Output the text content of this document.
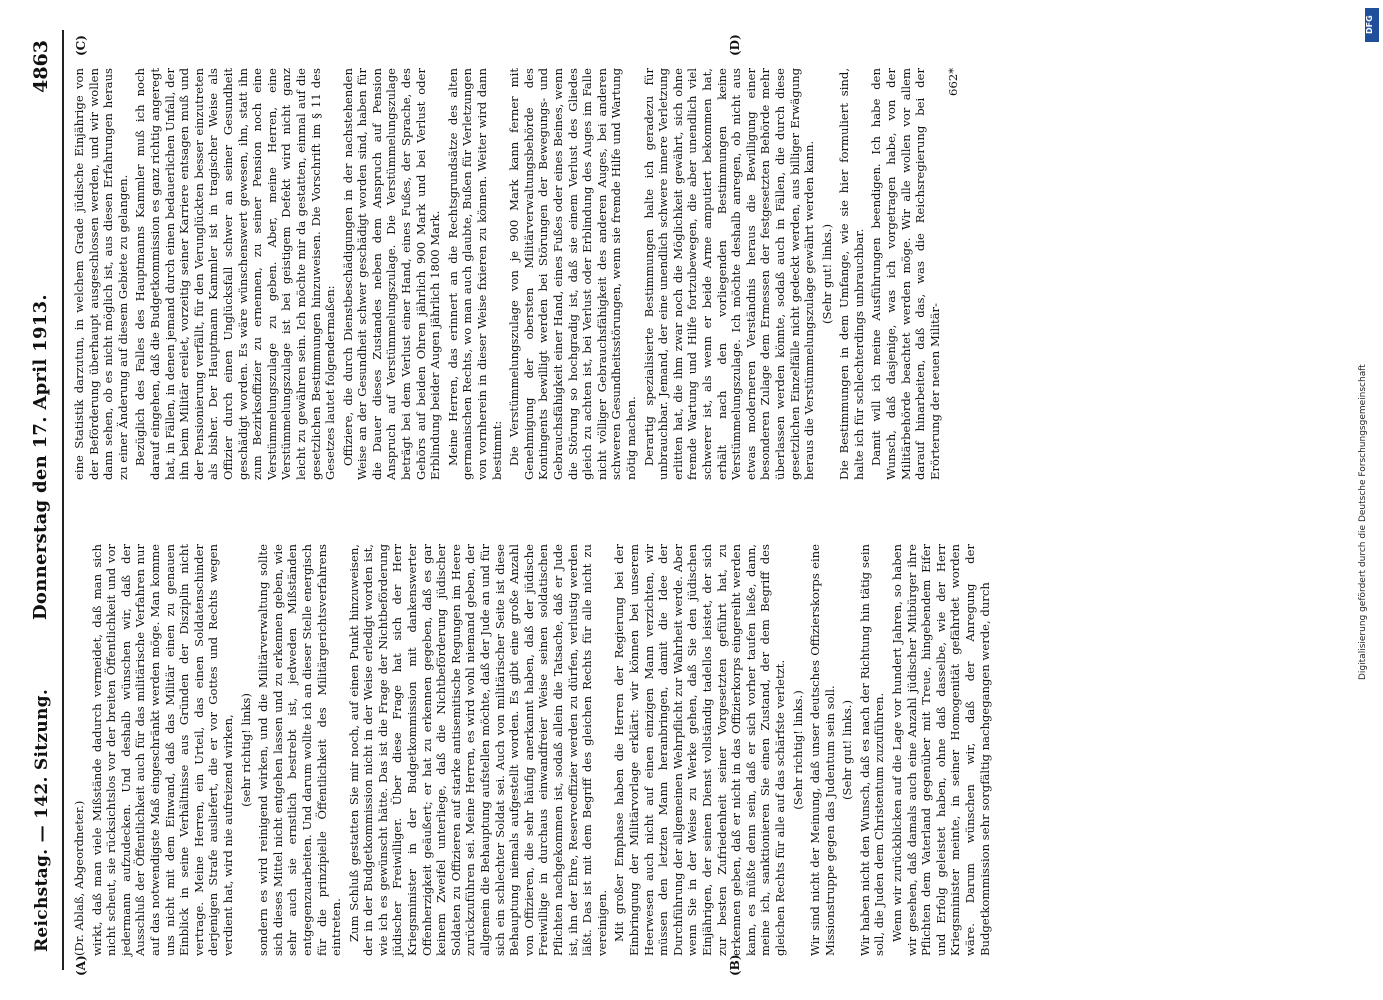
Reichstag. — 142. Sitzung.
Donnerstag den 17. April 1913.
4863
(A)	(B)
(C)	(D)

(Dr. Ablaß, Abgeordneter.) wirkt, daß man viele Mißstände dadurch vermeidet, daß man sich nicht scheut, sie rücksichtslos vor der breiten Öffentlichkeit und vor jedermann aufzudecken. Und deshalb wünschen wir, daß der Ausschluß der Öffentlichkeit auch für das militärische Verfahren nur auf das notwendigste Maß eingeschränkt werden möge. Man komme uns nicht mit dem Einwand, daß das Militär einen zu genauen Einblick in seine Verhältnisse aus Gründen der Disziplin nicht vertrage. Meine Herren, ein Urteil, das einen Soldatenschinder derjenigen Strafe ausliefert, die er vor Gottes und Rechts wegen verdient hat, wird nie aufreizend wirken, (sehr richtig! links) sondern es wird reinigend wirken, und die Militärverwaltung sollte sich dieses Mittel nicht entgehen lassen und zu erkennen geben, wie sehr auch sie ernstlich bestrebt ist, jedweden Mißständen entgegenzuarbeiten. Und darum wollte ich an dieser Stelle energisch für die prinzipielle Öffentlichkeit des Militärgerichtsverfahrens eintreten. Zum Schluß gestatten Sie mir noch, auf einen Punkt hinzuweisen, der in der Budgetkommission nicht in der Weise erledigt worden ist, wie ich es gewünscht hätte. Das ist die Frage der Nichtbeförderung jüdischer Freiwilliger. Über diese Frage hat sich der Herr Kriegsminister in der Budgetkommission mit dankenswerter Offenherzigkeit geäußert; er hat zu erkennen gegeben, daß es gar keinem Zweifel unterliege, daß die Nichtbeförderung jüdischer Soldaten zu Offizieren auf starke antisemitische Regungen im Heere zurückzuführen sei. Meine Herren, es wird wohl niemand geben, der allgemein die Behauptung aufstellen möchte, daß der Jude an und für sich ein schlechter Soldat sei. Auch von militärischer Seite ist diese Behauptung niemals aufgestellt worden. Es gibt eine große Anzahl von Offizieren, die sehr häufig anerkannt haben, daß der jüdische Freiwillige in durchaus einwandfreier Weise seinen soldatischen Pflichten nachgekommen ist, sodaß allein die Tatsache, daß er Jude ist, ihn der Ehre, Reserveoffizier werden zu dürfen, verlustig werden läßt. Das ist mit dem Begriff des gleichen Rechts für alle nicht zu vereinigen. Mit großer Emphase haben die Herren der Regierung bei der Einbringung der Militärvorlage erklärt: wir können bei unserem Heerwesen auch nicht auf einen einzigen Mann verzichten, wir müssen den letzten Mann heranbringen, damit die Idee der Durchführung der allgemeinen Wehrpflicht zur Wahrheit werde. Aber wenn Sie in der Weise zu Werke gehen, daß Sie den jüdischen Einjährigen, der seinen Dienst vollständig tadellos leistet, der sich zur besten Zufriedenheit seiner Vorgesetzten geführt hat, zu erkennen geben, daß er nicht in das Offizierkorps eingereiht werden kann, es müßte denn sein, daß er sich vorher taufen ließe, dann, meine ich, sanktionieren Sie einen Zustand, der dem Begriff des gleichen Rechts für alle auf das schärfste verletzt. (Sehr richtig! links.) Wir sind nicht der Meinung, daß unser deutsches Offizierskorps eine Missionstruppe gegen das Judentum sein soll. (Sehr gut! links.) Wir haben nicht den Wunsch, daß es nach der Richtung hin tätig sein soll, die Juden dem Christentum zuzuführen. Wenn wir zurückblicken auf die Lage vor hundert Jahren, so haben wir gesehen, daß damals auch eine Anzahl jüdischer Mitbürger ihre Pflichten dem Vaterland gegenüber mit Treue, hingebendem Eifer und Erfolg geleistet haben, ohne daß dasselbe, wie der Herr Kriegsminister meinte, in seiner Homogenität gefährdet worden wäre. Darum wünschen wir, daß der Anregung der Budgetkommission sehr sorgfältig nachgegangen werde, durch

eine Statistik darzutun, in welchem Grade jüdische Einjährige von der Beförderung überhaupt ausgeschlossen werden, und wir wollen dann sehen, ob es nicht möglich ist, aus diesen Erfahrungen heraus zu einer Änderung auf diesem Gebiete zu gelangen. Bezüglich des Falles des Hauptmanns Kammler muß ich noch darauf eingehen, daß die Budgetkommission es ganz richtig angeregt hat, in Fällen, in denen jemand durch einen bedauerlichen Unfall, der ihn beim Militär ereilet, vorzeitig seiner Karriere entsagen muß und der Pensionierung verfällt, für den Verunglückten besser einzutreten als bisher. Der Hauptmann Kammler ist in tragischer Weise als Offizier durch einen Unglücksfall schwer an seiner Gesundheit geschädigt worden. Es wäre wünschenswert gewesen, ihn, statt ihn zum Bezirksoffizier zu ernennen, zu seiner Pension noch eine Verstümmelungszulage zu geben. Aber, meine Herren, eine Verstümmelungszulage ist bei geistigem Defekt wird nicht ganz leicht zu gewähren sein. Ich möchte mir da gestatten, einmal auf die gesetzlichen Bestimmungen hinzuweisen. Die Vorschrift im § 11 des Gesetzes lautet folgendermaßen: Offiziere, die durch Dienstbeschädigungen in der nachstehenden Weise an der Gesundheit schwer geschädigt worden sind, haben für die Dauer dieses Zustandes neben dem Anspruch auf Pension Anspruch auf Verstümmelungszulage. Die Verstümmelungszulage beträgt bei dem Verlust einer Hand, eines Fußes, der Sprache, des Gehörs auf beiden Ohren jährlich 900 Mark und bei Verlust oder Erblindung beider Augen jährlich 1800 Mark. Meine Herren, das erinnert an die Rechtsgrundsätze des alten germanischen Rechts, wo man auch glaubte, Bußen für Verletzungen von vornherein in dieser Weise fixieren zu können. Weiter wird dann bestimmt: Die Verstümmelungszulage von je 900 Mark kann ferner mit Genehmigung der obersten Militärverwaltungsbehörde des Kontingents bewilligt werden bei Störungen der Bewegungs- und Gebrauchsfähigkeit einer Hand, eines Fußes oder eines Beines, wenn die Störung so hochgradig ist, daß sie einem Verlust des Gliedes gleich zu achten ist, bei Verlust oder Erblindung des Auges im Falle nicht völliger Gebrauchsfähigkeit des anderen Auges, bei anderen schweren Gesundheitsstörungen, wenn sie fremde Hilfe und Wartung nötig machen. Derartig spezialisierte Bestimmungen halte ich geradezu für unbrauchbar. Jemand, der eine unendlich schwere innere Verletzung erlitten hat, die ihm zwar noch die Möglichkeit gewährt, sich ohne fremde Wartung und Hilfe fortzubewegen, die aber unendlich viel schwerer ist, als wenn er beide Arme amputiert bekommen hat, erhält nach den vorliegenden Bestimmungen keine Verstümmelungszulage. Ich möchte deshalb anregen, ob nicht aus etwas moderneren Verständnis heraus die Bewilligung einer besonderen Zulage dem Ermessen der festgesetzten Behörde mehr überlassen werden könnte, sodaß auch in Fällen, die durch diese gesetzlichen Einzelfälle nicht gedeckt werden, aus billiger Erwägung heraus die Verstümmelungszulage gewährt werden kann. (Sehr gut! links.) Die Bestimmungen in dem Umfange, wie sie hier formuliert sind, halte ich für schlechterdings unbrauchbar. Damit will ich meine Ausführungen beendigen. Ich habe den Wunsch, daß dasjenige, was ich vorgetragen habe, von der Militärbehörde beachtet werden möge. Wir alle wollen vor allem darauf hinarbeiten, daß das, was die Reichsregierung bei der Erörterung der neuen Militär-

662*
DFG
Digitalisierung gefördert durch die Deutsche Forschungsgemeinschaft
